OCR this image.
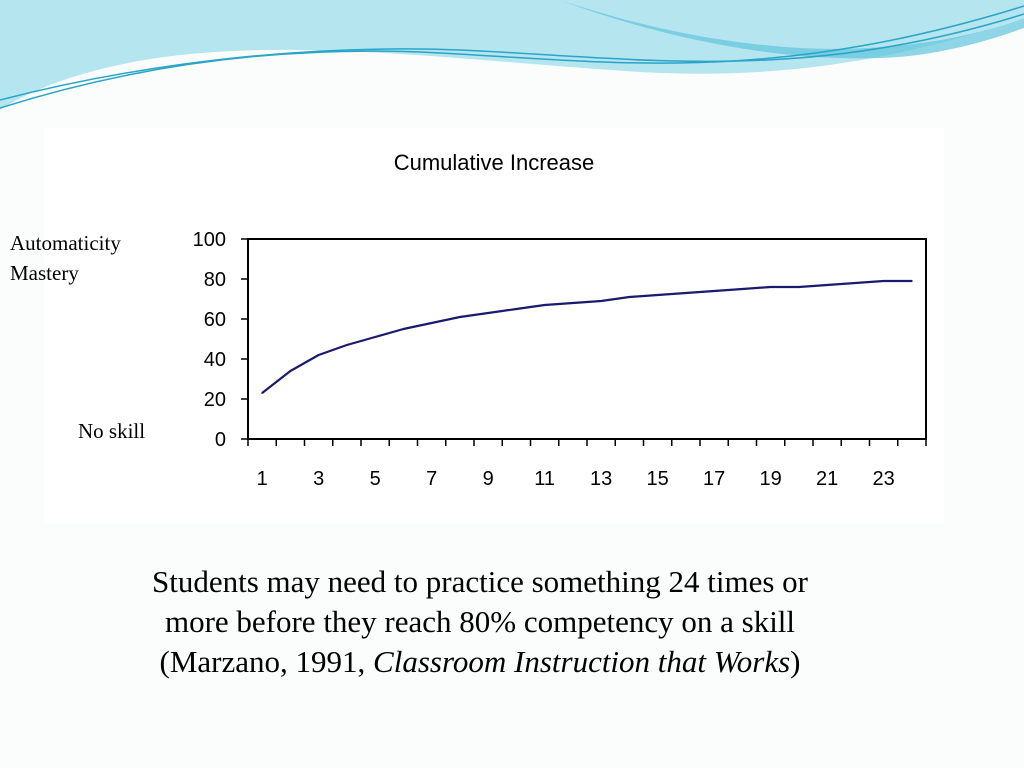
Cumulative Increase
0
20
40
60
80
100
1 3 5 7 9 11 13 15 17 19 21 23
Automaticity
Mastery
No skill
Students may need to practice something 24 times or
more before they reach 80% competency on a skill
(Marzano, 1991, Classroom Instruction that Works)
